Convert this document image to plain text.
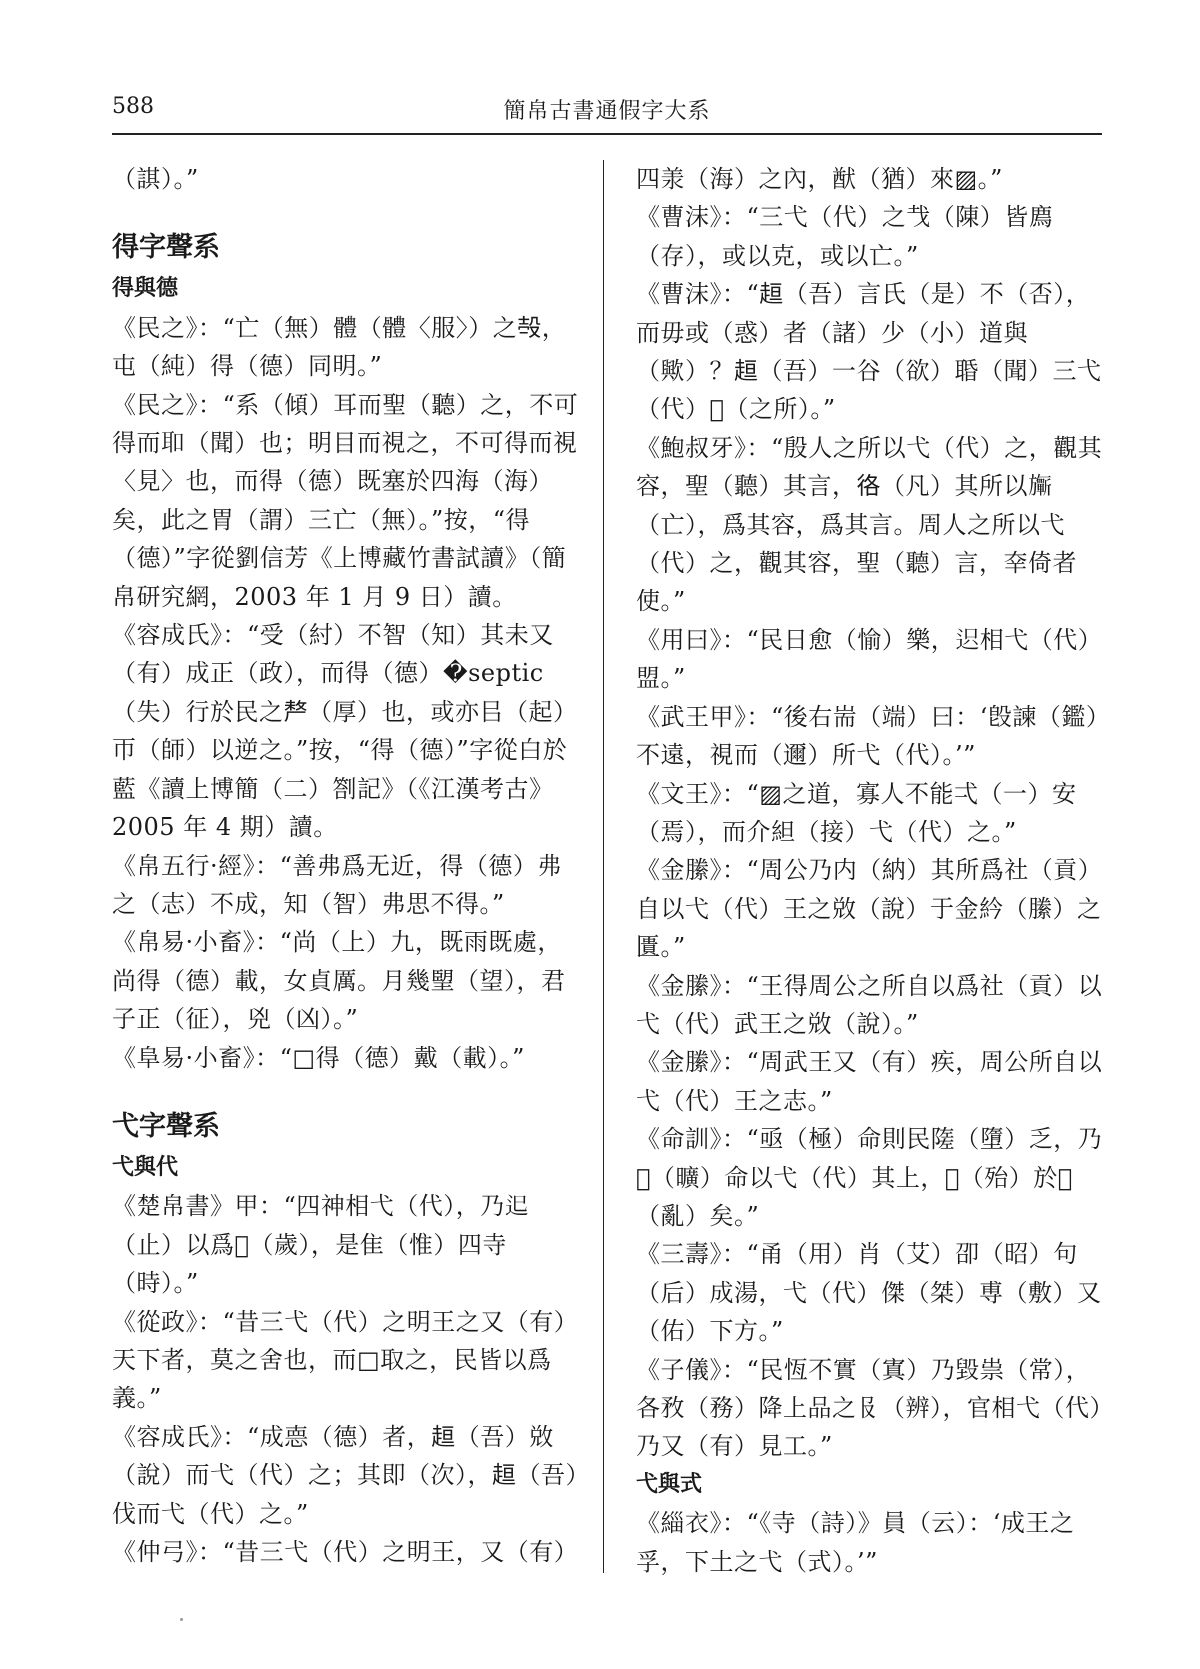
588	簡帛古書通假字大系

（諆）。”

得字聲系
得與德

《民之》：“亡（無）體（體〈服〉）之𣪊，屯（純）得（德）同明。”

《民之》：“系（傾）耳而聖（聽）之，不可得而𦔻（聞）也；明目而視之，不可得而視〈見〉也，而得（德）既塞於四海（海）矣，此之胃（謂）三亡（無）。”按，“得（德）”字從劉信芳《上博藏竹書試讀》（簡帛研究網，2003 年 1 月 9 日）讀。

《容成氏》：“受（紂）不智（知）其未又（有）成正（政），而得（德）�septic（失）行於民之𠩺（厚）也，或亦㠯（起）帀（師）以逆之。”按，“得（德）”字從白於藍《讀上博簡（二）劄記》（《江漢考古》2005 年 4 期）讀。

《帛五行·經》：“善弗爲无近，得（德）弗之（志）不成，知（智）弗思不得。”

《帛易·小畜》：“尚（上）九，既雨既處，尚得（德）載，女貞厲。月幾朢（望），君子正（征），兇（凶）。”

《阜易·小畜》：“□得（德）戴（載）。”

弋字聲系
弋與代

《楚帛書》甲：“四神相弋（代），乃𨑓（止）以爲𢧚（歲），是隹（惟）四寺（時）。”

《從政》：“昔三弋（代）之明王之又（有）天下者，莫之舍也，而□取之，民皆以爲義。”

《容成氏》：“成𢛳（德）者，𧻚（吾）敚（說）而弋（代）之；其即（次），𧻚（吾）伐而弋（代）之。”

《仲弓》：“昔三弋（代）之明王，又（有）

四𣴎（海）之內，猷（猶）來▨。”

《曹沫》：“三弋（代）之𢦏（陳）皆廌（存），或以克，或以亡。”

《曹沫》：“𧻚（吾）言氏（是）不（否），而毋或（惑）者（諸）少（小）道與（歟）？𧻚（吾）一谷（欲）䎽（聞）三弋（代）𣂋（之所）。”

《鮑叔牙》：“殷人之所以弋（代）之，觀其容，聖（聽）其言，𢓜（凡）其所以𣄨（亡），爲其容，爲其言。周人之所以弋（代）之，觀其容，聖（聽）言，㚔倚者使。”

《用曰》：“民日愈（愉）樂，𨒅相弋（代）盟。”

《武王甲》：“後右耑（端）曰：‘𣪘諫（鑑）不遠，視而（邇）所弋（代）。’”

《文王》：“▨之道，寡人不能弌（一）安（焉），而介䋎（接）弋（代）之。”

《金縢》：“周公乃内（納）其所爲社（貢）自以弋（代）王之敚（說）于金紟（縢）之匱。”

《金縢》：“王得周公之所自以爲社（貢）以弋（代）武王之敚（說）。”

《金縢》：“周武王又（有）疾，周公所自以弋（代）王之志。”

《命訓》：“亟（極）命則民隓（墮）乏，乃𡪊（曠）命以弋（代）其上，𢘅（殆）於𤔔（亂）矣。”

《三壽》：“甬（用）肖（艾）卲（昭）句（后）成湯，弋（代）傑（桀）尃（敷）又（佑）下方。”

《子儀》：“民恆不實（寘）乃毀祟（常），各敄（務）降上品之𠬝（辨），官相弋（代）乃又（有）見工。”

弋與式

《緇衣》：“《寺（詩）》員（云）：‘成王之孚，下土之弋（式）。’”
